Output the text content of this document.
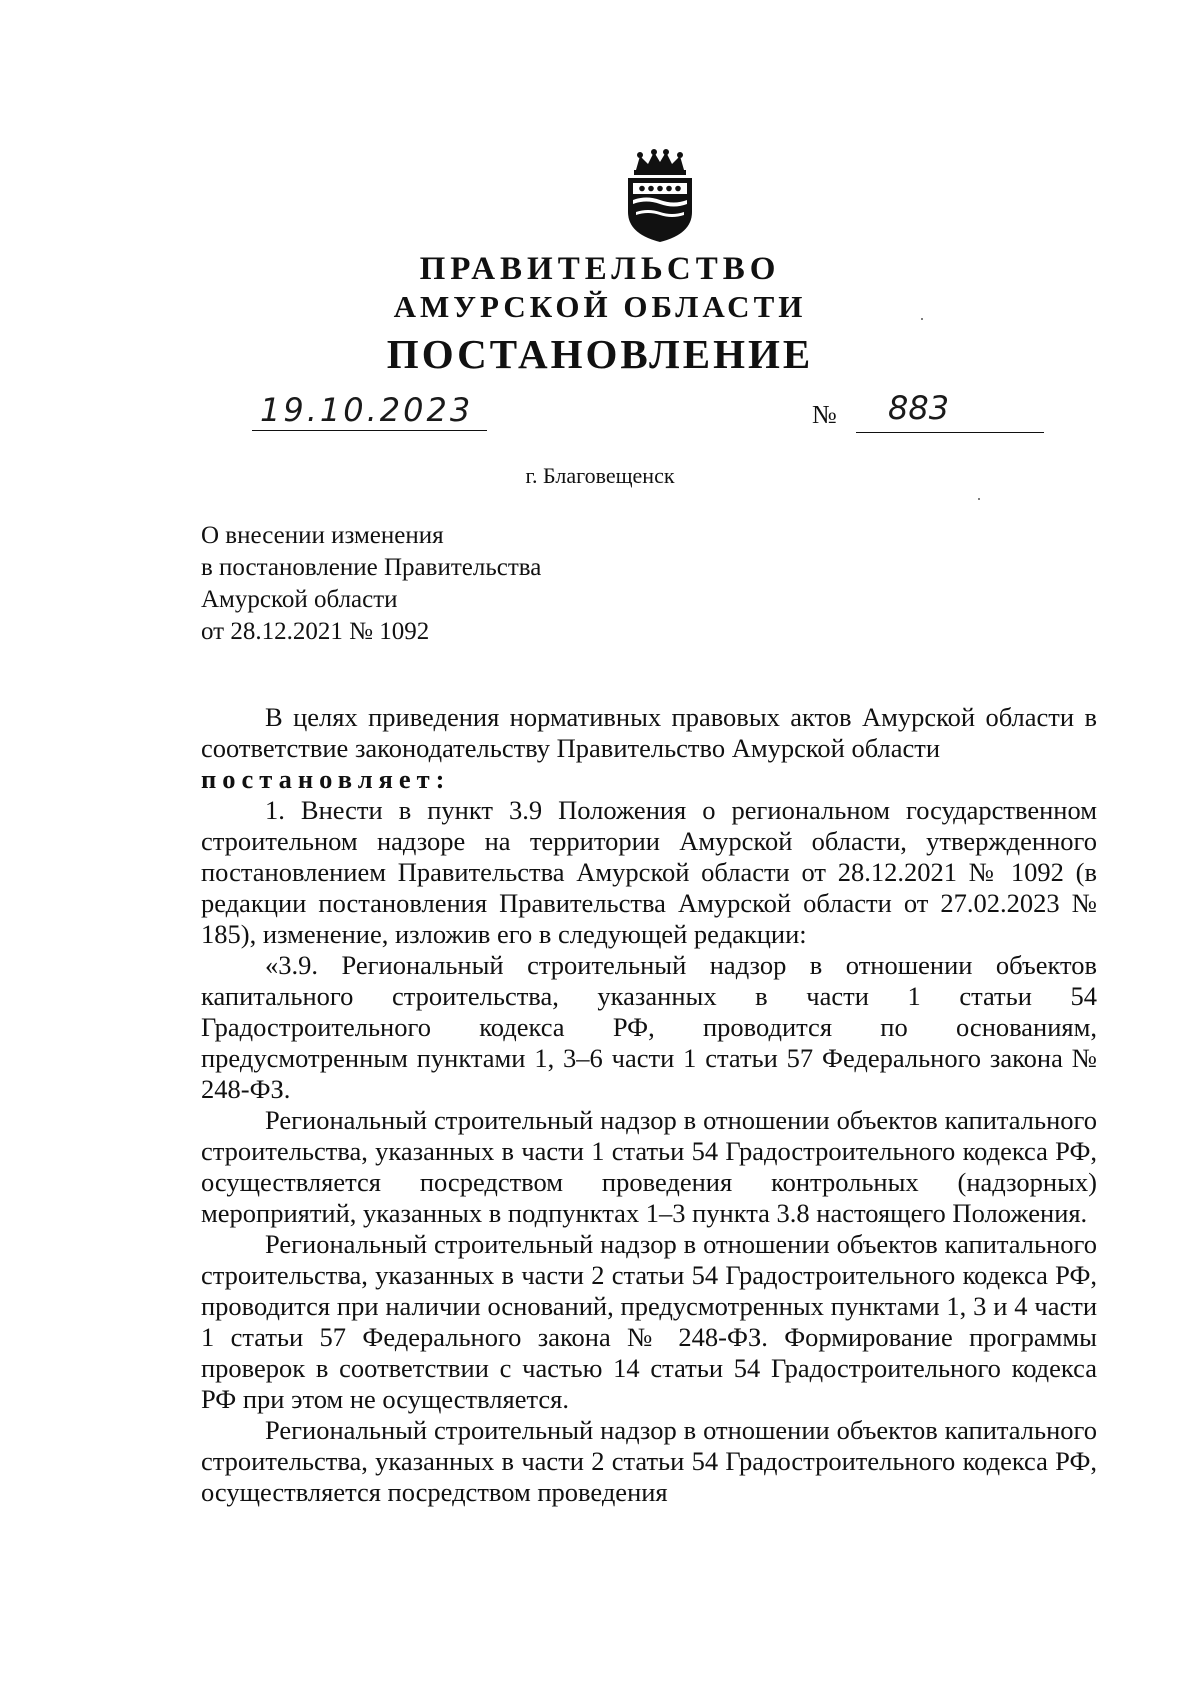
ПРАВИТЕЛЬСТВО
АМУРСКОЙ ОБЛАСТИ
ПОСТАНОВЛЕНИЕ
19.10.2023	№ 883
г. Благовещенск
О внесении изменения
в постановление Правительства
Амурской области
от 28.12.2021 № 1092

В целях приведения нормативных правовых актов Амурской области в соответствие законодательству Правительство Амурской области

постановляет:

1. Внести в пункт 3.9 Положения о региональном государственном строительном надзоре на территории Амурской области, утвержденного постановлением Правительства Амурской области от 28.12.2021 № 1092 (в редакции постановления Правительства Амурской области от 27.02.2023 № 185), изменение, изложив его в следующей редакции:

«3.9. Региональный строительный надзор в отношении объектов капитального строительства, указанных в части 1 статьи 54 Градостроительного кодекса РФ, проводится по основаниям, предусмотренным пунктами 1, 3–6 части 1 статьи 57 Федерального закона № 248-ФЗ.

Региональный строительный надзор в отношении объектов капитального строительства, указанных в части 1 статьи 54 Градостроительного кодекса РФ, осуществляется посредством проведения контрольных (надзорных) мероприятий, указанных в подпунктах 1–3 пункта 3.8 настоящего Положения.

Региональный строительный надзор в отношении объектов капитального строительства, указанных в части 2 статьи 54 Градостроительного кодекса РФ, проводится при наличии оснований, предусмотренных пунктами 1, 3 и 4 части 1 статьи 57 Федерального закона № 248-ФЗ. Формирование программы проверок в соответствии с частью 14 статьи 54 Градостроительного кодекса РФ при этом не осуществляется.

Региональный строительный надзор в отношении объектов капитального строительства, указанных в части 2 статьи 54 Градостроительного кодекса РФ, осуществляется посредством проведения
